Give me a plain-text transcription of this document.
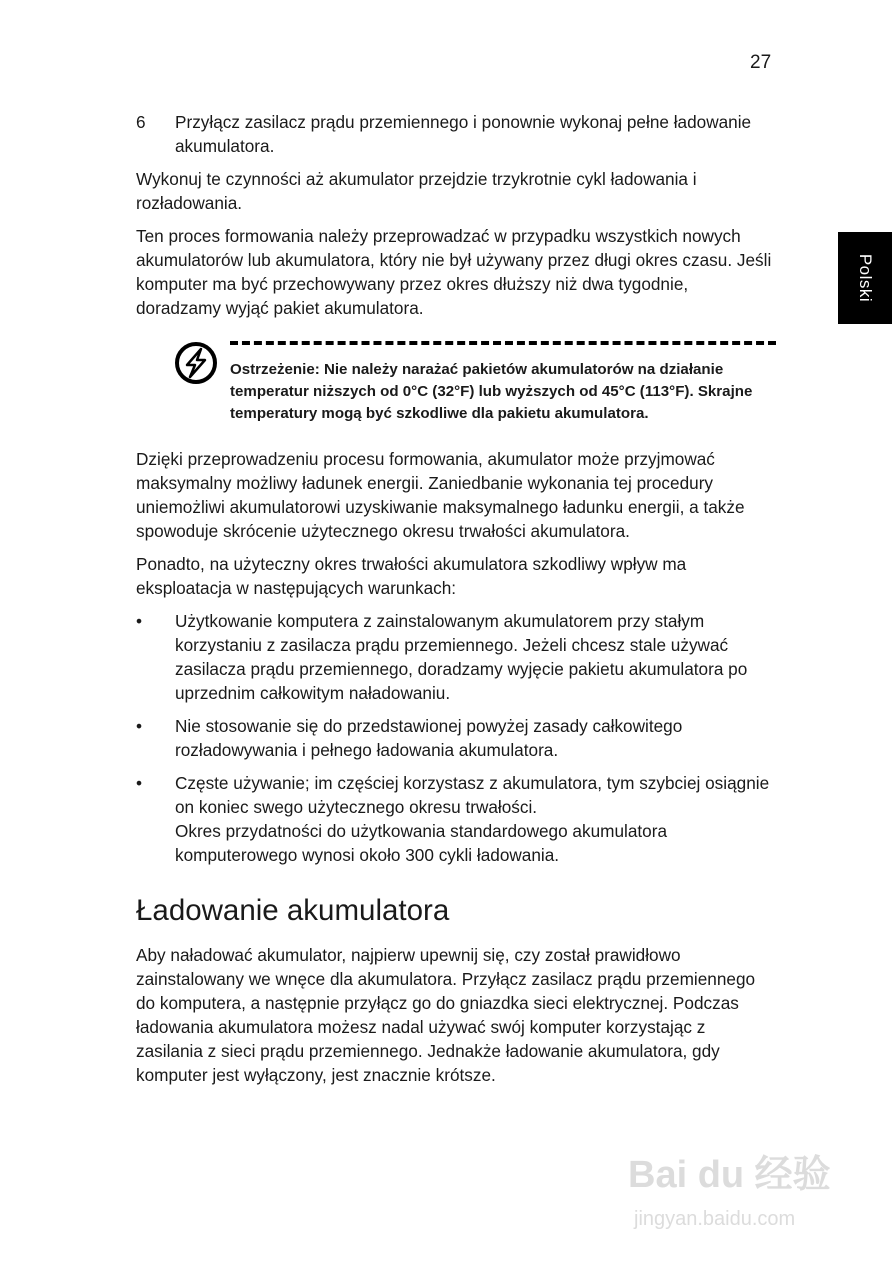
27
Polski
6	Przyłącz zasilacz prądu przemiennego i ponownie wykonaj pełne ładowanie akumulatora.

Wykonuj te czynności aż akumulator przejdzie trzykrotnie cykl ładowania i rozładowania.

Ten proces formowania należy przeprowadzać w przypadku wszystkich nowych akumulatorów lub akumulatora, który nie był używany przez długi okres czasu. Jeśli komputer ma być przechowywany przez okres dłuższy niż dwa tygodnie, doradzamy wyjąć pakiet akumulatora.

Ostrzeżenie: Nie należy narażać pakietów akumulatorów na działanie temperatur niższych od 0°C (32°F) lub wyższych od 45°C (113°F). Skrajne temperatury mogą być szkodliwe dla pakietu akumulatora.

Dzięki przeprowadzeniu procesu formowania, akumulator może przyjmować maksymalny możliwy ładunek energii. Zaniedbanie wykonania tej procedury uniemożliwi akumulatorowi uzyskiwanie maksymalnego ładunku energii, a także spowoduje skrócenie użytecznego okresu trwałości akumulatora.

Ponadto, na użyteczny okres trwałości akumulatora szkodliwy wpływ ma eksploatacja w następujących warunkach:

•	Użytkowanie komputera z zainstalowanym akumulatorem przy stałym korzystaniu z zasilacza prądu przemiennego. Jeżeli chcesz stale używać zasilacza prądu przemiennego, doradzamy wyjęcie pakietu akumulatora po uprzednim całkowitym naładowaniu.
•	Nie stosowanie się do przedstawionej powyżej zasady całkowitego rozładowywania i pełnego ładowania akumulatora.
•	Częste używanie; im częściej korzystasz z akumulatora, tym szybciej osiągnie on koniec swego użytecznego okresu trwałości.
Okres przydatności do użytkowania standardowego akumulatora komputerowego wynosi około 300 cykli ładowania.
Ładowanie akumulatora

Aby naładować akumulator, najpierw upewnij się, czy został prawidłowo zainstalowany we wnęce dla akumulatora. Przyłącz zasilacz prądu przemiennego do komputera, a następnie przyłącz go do gniazdka sieci elektrycznej. Podczas ładowania akumulatora możesz nadal używać swój komputer korzystając z zasilania z sieci prądu przemiennego. Jednakże ładowanie akumulatora, gdy komputer jest wyłączony, jest znacznie krótsze.

Bai du 经验
jingyan.baidu.com
